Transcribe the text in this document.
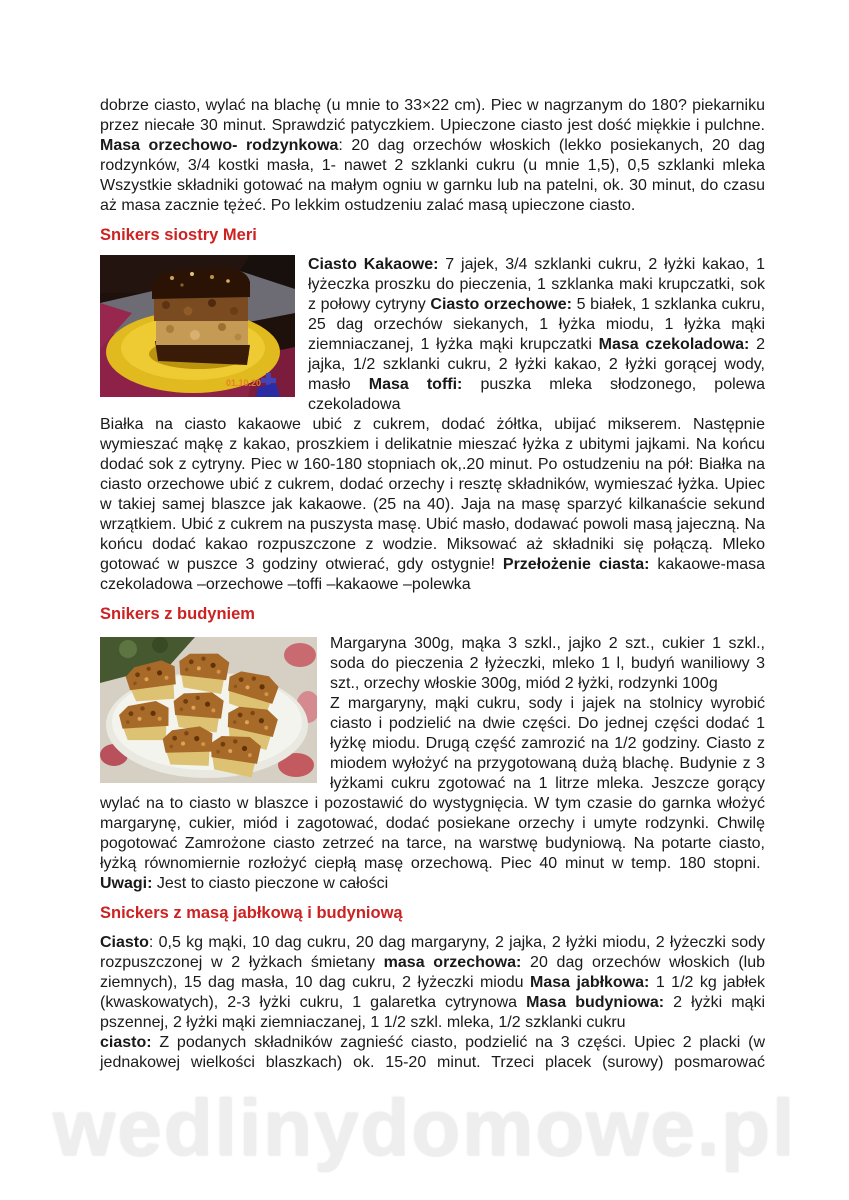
wedlinydomowe.pl

dobrze ciasto, wylać na blachę (u mnie to 33×22 cm). Piec w nagrzanym do 180? piekarniku przez niecałe 30 minut. Sprawdzić patyczkiem. Upieczone ciasto jest dość miękkie i pulchne. Masa orzechowo- rodzynkowa: 20 dag orzechów włoskich (lekko posiekanych, 20 dag rodzynków, 3/4 kostki masła, 1- nawet 2 szklanki cukru (u mnie 1,5), 0,5 szklanki mleka Wszystkie składniki gotować na małym ogniu w garnku lub na patelni, ok. 30 minut, do czasu aż masa zacznie tężeć. Po lekkim ostudzeniu zalać masą upieczone ciasto.

Snikers siostry Meri
01.10.20

Ciasto Kakaowe: 7 jajek, 3/4 szklanki cukru, 2 łyżki kakao, 1 łyżeczka proszku do pieczenia, 1 szklanka maki krupczatki, sok z połowy cytryny Ciasto orzechowe: 5 białek, 1 szklanka cukru, 25 dag orzechów siekanych, 1 łyżka miodu, 1 łyżka mąki ziemniaczanej, 1 łyżka mąki krupczatki Masa czekoladowa: 2 jajka, 1/2 szklanki cukru, 2 łyżki kakao, 2 łyżki gorącej wody, masło Masa toffi: puszka mleka słodzonego, polewa czekoladowa

Białka na ciasto kakaowe ubić z cukrem, dodać żółtka, ubijać mikserem. Następnie wymieszać mąkę z kakao, proszkiem i delikatnie mieszać łyżka z ubitymi jajkami. Na końcu dodać sok z cytryny. Piec w 160-180 stopniach ok,.20 minut. Po ostudzeniu na pół: Białka na ciasto orzechowe ubić z cukrem, dodać orzechy i resztę składników, wymieszać łyżka. Upiec w takiej samej blaszce jak kakaowe. (25 na 40). Jaja na masę sparzyć kilkanaście sekund wrzątkiem. Ubić z cukrem na puszysta masę. Ubić masło, dodawać powoli masą jajeczną. Na końcu dodać kakao rozpuszczone z wodzie. Miksować aż składniki się połączą. Mleko gotować w puszce 3 godziny otwierać, gdy ostygnie! Przełożenie ciasta: kakaowe-masa czekoladowa –orzechowe –toffi –kakaowe –polewka

Snikers z budyniem

Margaryna 300g, mąka 3 szkl., jajko 2 szt., cukier 1 szkl., soda do pieczenia 2 łyżeczki, mleko 1 l, budyń waniliowy 3 szt., orzechy włoskie 300g, miód 2 łyżki, rodzynki 100g

Z margaryny, mąki cukru, sody i jajek na stolnicy wyrobić ciasto i podzielić na dwie części. Do jednej części dodać 1 łyżkę miodu. Drugą część zamrozić na 1/2 godziny. Ciasto z miodem wyłożyć na przygotowaną dużą blachę. Budynie z 3 łyżkami cukru zgotować na 1 litrze mleka. Jeszcze gorący wylać na to ciasto w blaszce i pozostawić do wystygnięcia. W tym czasie do garnka włożyć margarynę, cukier, miód i zagotować, dodać posiekane orzechy i umyte rodzynki. Chwilę pogotować Zamrożone ciasto zetrzeć na tarce, na warstwę budyniową. Na potarte ciasto, łyżką równomiernie rozłożyć ciepłą masę orzechową. Piec 40 minut w temp. 180 stopni.  Uwagi: Jest to ciasto pieczone w całości

Snickers z masą jabłkową i budyniową

Ciasto: 0,5 kg mąki, 10 dag cukru, 20 dag margaryny, 2 jajka, 2 łyżki miodu, 2 łyżeczki sody rozpuszczonej w 2 łyżkach śmietany masa orzechowa: 20 dag orzechów włoskich (lub ziemnych), 15 dag masła, 10 dag cukru, 2 łyżeczki miodu Masa jabłkowa: 1 1/2 kg jabłek (kwaskowatych), 2-3 łyżki cukru, 1 galaretka cytrynowa Masa budyniowa: 2 łyżki mąki pszennej, 2 łyżki mąki ziemniaczanej, 1 1/2 szkl. mleka, 1/2 szklanki cukru

ciasto: Z podanych składników zagnieść ciasto, podzielić na 3 części. Upiec 2 placki (w jednakowej wielkości blaszkach) ok. 15-20 minut. Trzeci placek (surowy) posmarować
